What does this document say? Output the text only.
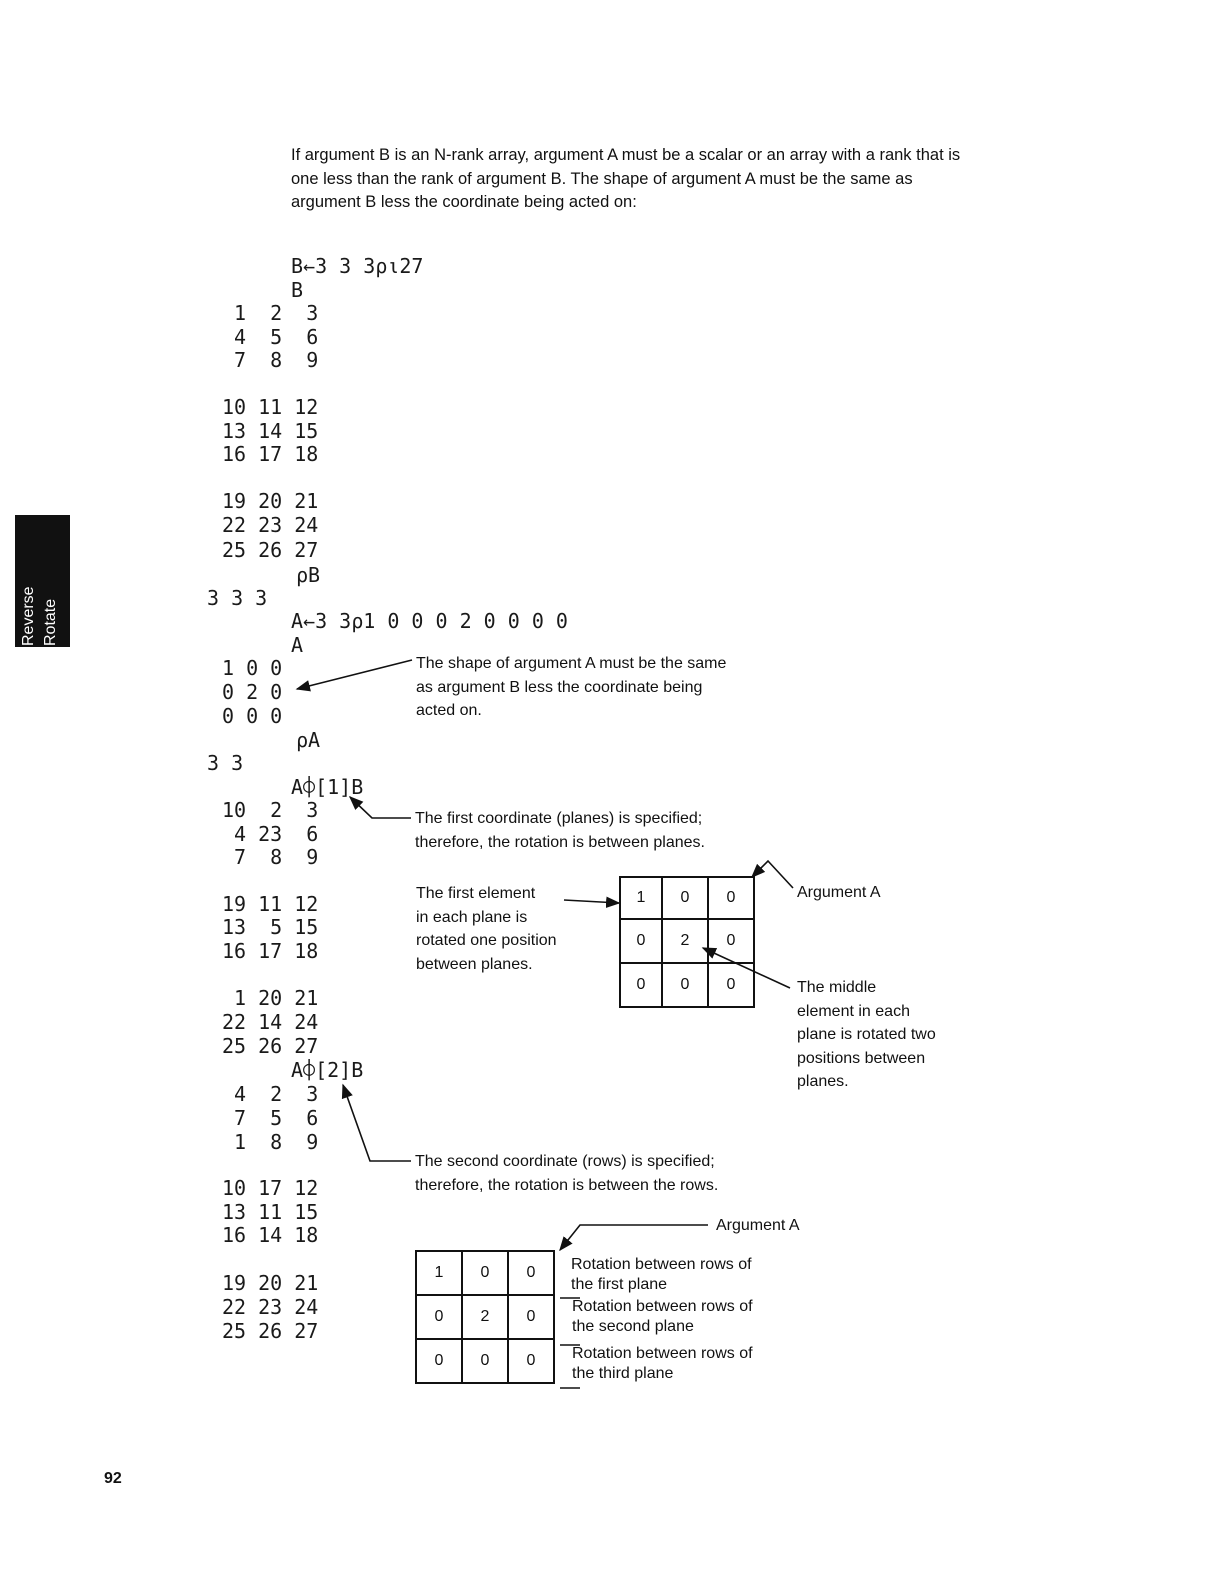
If argument B is an N-rank array, argument A must be a scalar or an array with a rank that is one less than the rank of argument B. The shape of argument A must be the same as argument B less the coordinate being acted on:

Reverse Rotate
B←3 3 3⍴⍳27
B
1  2  3
4  5  6
7  8  9
10 11 12
13 14 15
16 17 18
19 20 21
22 23 24
25 26 27
⍴B
3 3 3
A←3 3⍴1 0 0 0 2 0 0 0 0
A
1 0 0
0 2 0
0 0 0
⍴A
3 3
A⌽[1]B
10  2  3
4 23  6
7  8  9
19 11 12
13  5 15
16 17 18
1 20 21
22 14 24
25 26 27
A⌽[2]B
4  2  3
7  5  6
1  8  9
10 17 12
13 11 15
16 14 18
19 20 21
22 23 24
25 26 27
The shape of argument A must be the same
as argument B less the coordinate being
acted on.
The first coordinate (planes) is specified;
therefore, the rotation is between planes.
The first element
in each plane is
rotated one position
between planes.
Argument A
The middle
element in each
plane is rotated two
positions between
planes.
1	0	0
0	2	0
0	0	0
The second coordinate (rows) is specified;
therefore, the rotation is between the rows.
Argument A
1	0	0
0	2	0
0	0	0
Rotation between rows of
the first plane
Rotation between rows of
the second plane
Rotation between rows of
the third plane
92
